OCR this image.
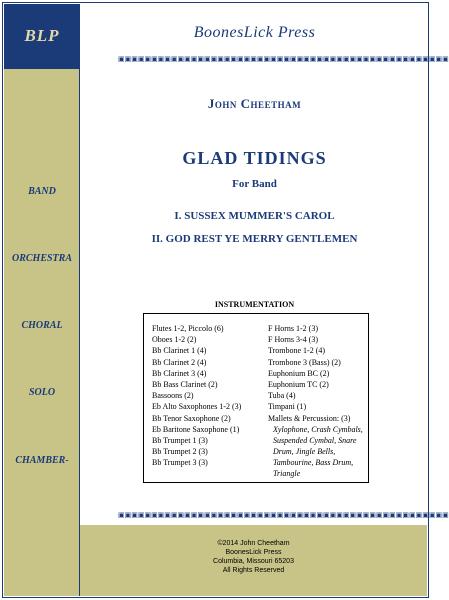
BLP
BAND
ORCHESTRA
CHORAL
SOLO
CHAMBER-
BoonesLick Press
▣▣▣▣▣▣▣▣▣▣▣▣▣▣▣▣▣▣▣▣▣▣▣▣▣▣▣▣▣▣▣▣▣▣▣▣▣▣▣▣▣▣▣▣▣▣▣▣▣▣
John Cheetham
GLAD TIDINGS
For Band
I. SUSSEX MUMMER'S CAROL
II. GOD REST YE MERRY GENTLEMEN
INSTRUMENTATION
Flutes 1-2, Piccolo (6)
Oboes 1-2 (2)
Bb Clarinet 1 (4)
Bb Clarinet 2 (4)
Bb Clarinet 3 (4)
Bb Bass Clarinet (2)
Bassoons (2)
Eb Alto Saxophones 1-2 (3)
Bb Tenor Saxophone (2)
Eb Baritone Saxophone (1)
Bb Trumpet 1 (3)
Bb Trumpet 2 (3)
Bb Trumpet 3 (3)
F Horns 1-2 (3)
F Horns 3-4 (3)
Trombone 1-2 (4)
Trombone 3 (Bass) (2)
Euphonium BC (2)
Euphonium TC (2)
Tuba (4)
Timpani (1)
Mallets & Percussion: (3)
Xylophone, Crash Cymbals, Suspended Cymbal, Snare Drum, Jingle Bells, Tambourine, Bass Drum, Triangle
▣▣▣▣▣▣▣▣▣▣▣▣▣▣▣▣▣▣▣▣▣▣▣▣▣▣▣▣▣▣▣▣▣▣▣▣▣▣▣▣▣▣▣▣▣▣▣▣▣▣
©2014 John Cheetham
BoonesLick Press
Columbia, Missouri 65203
All Rights Reserved
